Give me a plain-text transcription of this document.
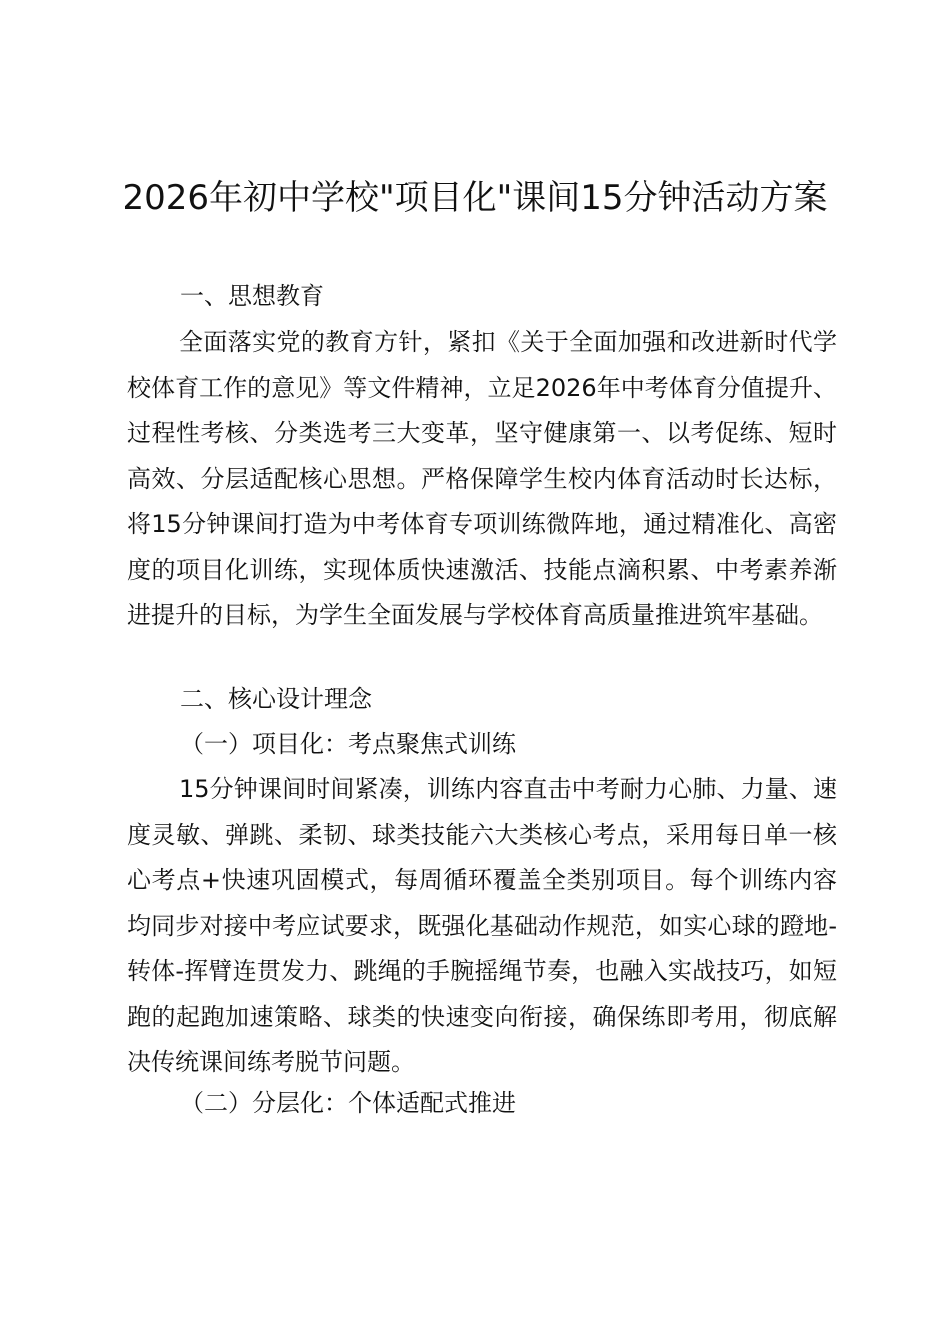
2026年初中学校"项目化"课间15分钟活动方案

一、思想教育

全面落实党的教育方针，紧扣《关于全面加强和改进新时代学校体育工作的意见》等文件精神，立足2026年中考体育分值提升、过程性考核、分类选考三大变革，坚守健康第一、以考促练、短时高效、分层适配核心思想。严格保障学生校内体育活动时长达标，将15分钟课间打造为中考体育专项训练微阵地，通过精准化、高密度的项目化训练，实现体质快速激活、技能点滴积累、中考素养渐进提升的目标，为学生全面发展与学校体育高质量推进筑牢基础。

二、核心设计理念

（一）项目化：考点聚焦式训练

15分钟课间时间紧凑，训练内容直击中考耐力心肺、力量、速度灵敏、弹跳、柔韧、球类技能六大类核心考点，采用每日单一核心考点+快速巩固模式，每周循环覆盖全类别项目。每个训练内容均同步对接中考应试要求，既强化基础动作规范，如实心球的蹬地-转体-挥臂连贯发力、跳绳的手腕摇绳节奏，也融入实战技巧，如短跑的起跑加速策略、球类的快速变向衔接，确保练即考用，彻底解决传统课间练考脱节问题。

（二）分层化：个体适配式推进
